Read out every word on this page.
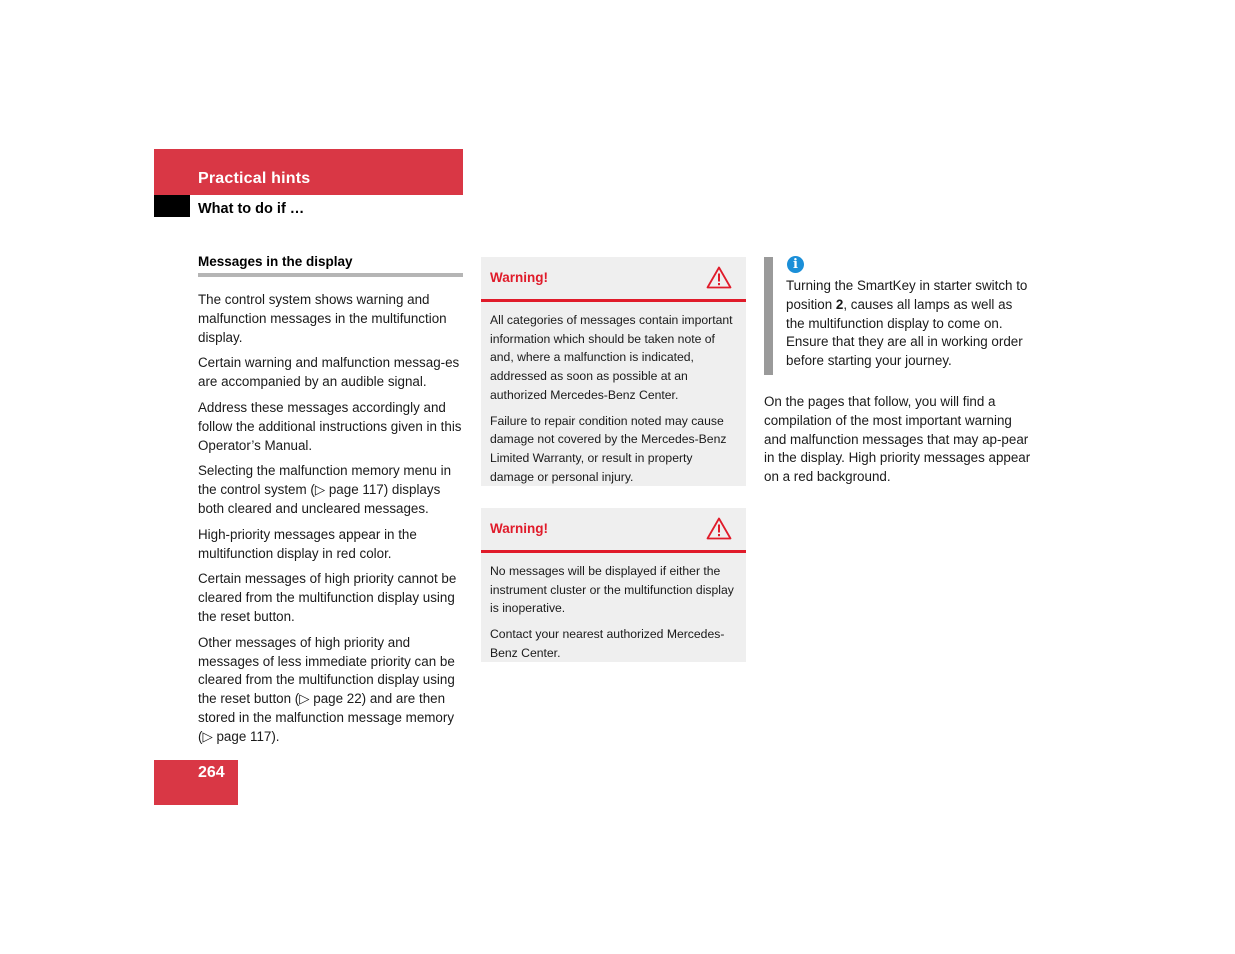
Practical hints
What to do if …
Messages in the display

The control system shows warning and malfunction messages in the multifunction display.

Certain warning and malfunction messag-es are accompanied by an audible signal.

Address these messages accordingly and follow the additional instructions given in this Operator’s Manual.

Selecting the malfunction memory menu in the control system (▷ page 117) displays both cleared and uncleared messages.

High-priority messages appear in the multifunction display in red color.

Certain messages of high priority cannot be cleared from the multifunction display using the reset button.

Other messages of high priority and messages of less immediate priority can be cleared from the multifunction display using the reset button (▷ page 22) and are then stored in the malfunction message memory (▷ page 117).

Warning!

All categories of messages contain important information which should be taken note of and, where a malfunction is indicated, addressed as soon as possible at an authorized Mercedes-Benz Center.

Failure to repair condition noted may cause damage not covered by the Mercedes-Benz Limited Warranty, or result in property damage or personal injury.

Warning!

No messages will be displayed if either the instrument cluster or the multifunction display is inoperative.

Contact your nearest authorized Mercedes-Benz Center.

i

Turning the SmartKey in starter switch to position 2, causes all lamps as well as the multifunction display to come on. Ensure that they are all in working order before starting your journey.

On the pages that follow, you will find a compilation of the most important warning and malfunction messages that may ap-pear in the display. High priority messages appear on a red background.

264
